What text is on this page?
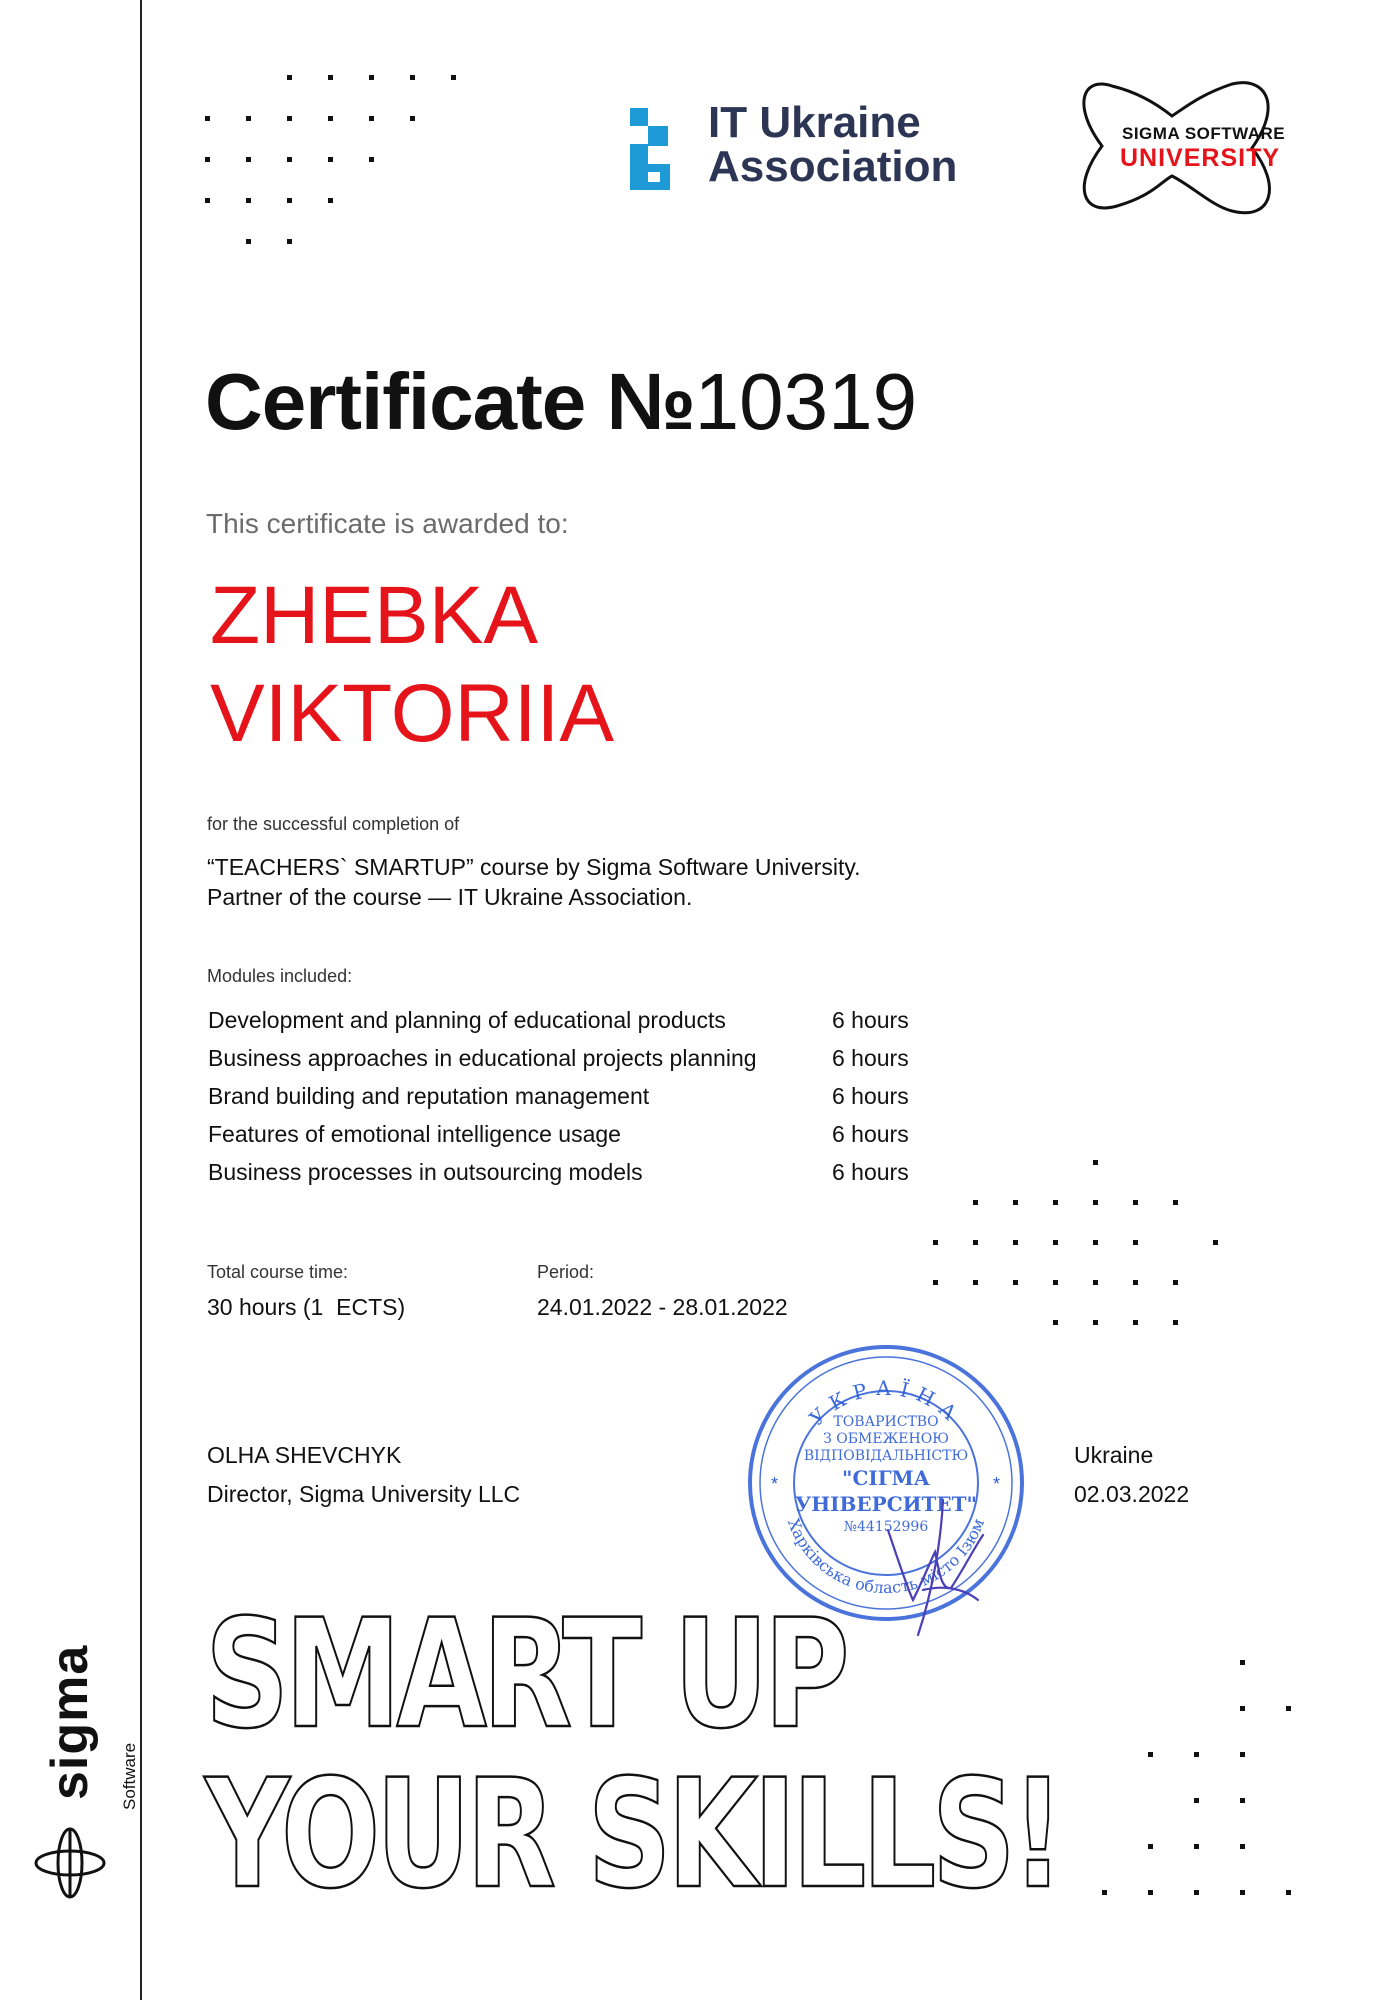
sigma Software
IT Ukraine
Association
SIGMA SOFTWARE
UNIVERSITY
Certificate №10319
This certificate is awarded to:
ZHEBKA
VIKTORIIA
for the successful completion of
“TEACHERS` SMARTUP” course by Sigma Software University.
Partner of the course — IT Ukraine Association.
Modules included:
Development and planning of educational products	6 hours
Business approaches in educational projects planning	6 hours
Brand building and reputation management	6 hours
Features of emotional intelligence usage	6 hours
Business processes in outsourcing models	6 hours
Total course time:
30 hours (1  ECTS)
Period:
24.01.2022 - 28.01.2022
OLHA SHEVCHYK
Director, Sigma University LLC
Ukraine
02.03.2022
УКРАЇНА
Харківська область місто Ізюм
*	*
ТОВАРИСТВО
З ОБМЕЖЕНОЮ
ВІДПОВІДАЛЬНІСТЮ
"СІГМА
УНІВЕРСИТЕТ"
№44152996
SMART UP
YOUR SKILLS!
